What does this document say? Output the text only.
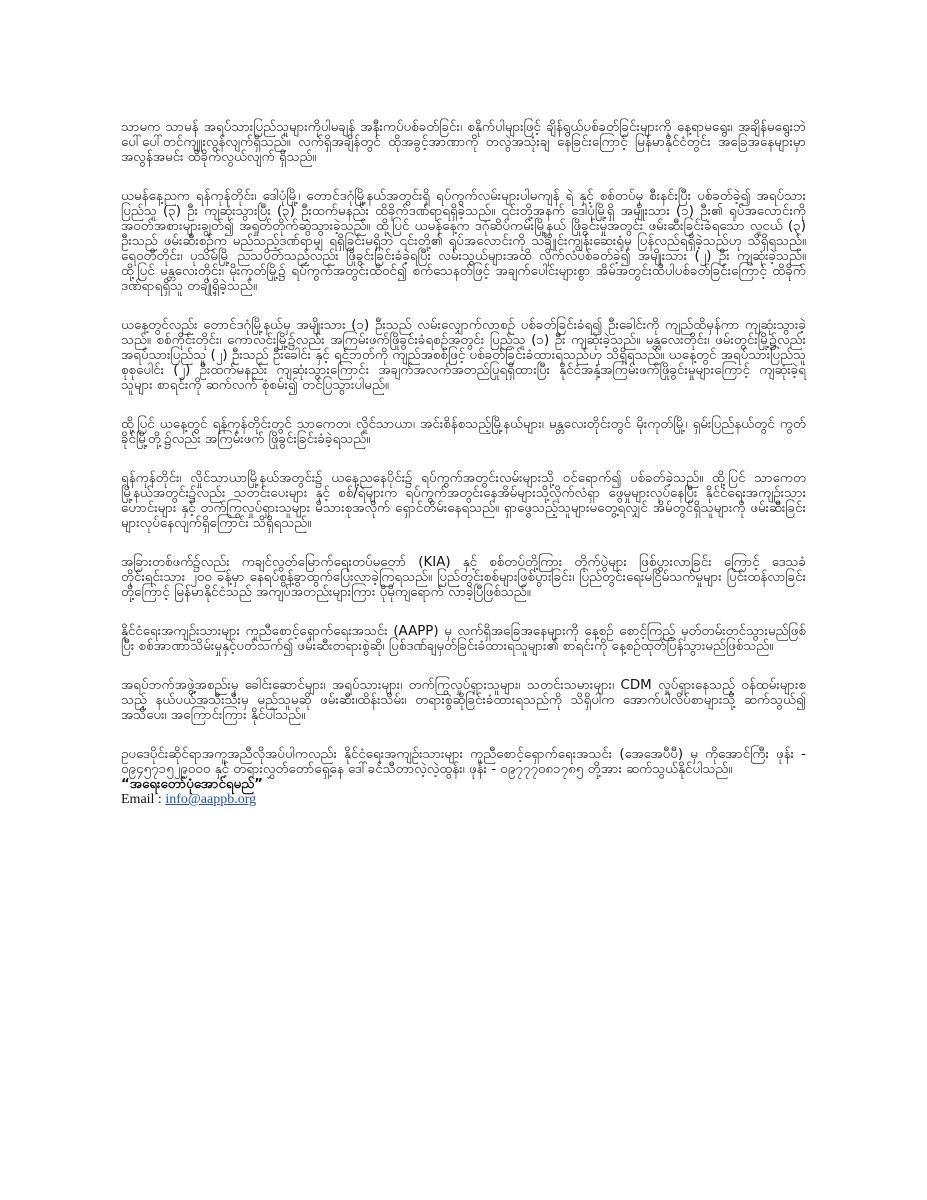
သာမက သာမန် အရပ်သားပြည်သူများကိုပါမချန် အနီးကပ်ပစ်ခတ်ခြင်း၊ စနိုက်ပါများဖြင့် ချိန်ရွယ်ပစ်ခတ်ခြင်းများကို နေ့ရာမရွေး၊ အချိန်မရွေးဘဲ ပေါ်ပေါ်တင်ကျူးလွန်လျက်ရှိသည်။ လက်ရှိအချိန်တွင် ထိုအခွင့်အာဏာကို တလွဲအသုံးချ နေခြင်းကြောင့် မြန်မာနိုင်ငံတွင်း အခြေအနေများမှာ အလွန်အမင်း ထိခိုက်လွယ်လျက် ရှိသည်။

ယမန်နေ့ညက ရန်ကုန်တိုင်း၊ ဒေါပုံမြို့၊ တောင်ဒဂုံမြို့နယ်အတွင်းရှိ ရပ်ကွက်လမ်းများပါမကျန် ရဲ နှင့် စစ်တပ်မှ စီးနင်းပြီး ပစ်ခတ်ခဲ့၍ အရပ်သားပြည်သူ (၃) ဦး ကျဆုံးသွားပြီး (၃) ဦးထက်မနည်း ထိခိုက်ဒဏ်ရာရရှိခဲ့သည်။ ၎င်းတို့အနက် ဒေါပုံမြို့ရှိ အမျိုးသား (၁) ဦး၏ ရုပ်အလောင်းကို အဝတ်အစားများချွတ်၍ အရှုတ်တိုက်ဆွဲသွားခဲ့သည်။ ထို့ပြင် ယမန်နေ့က ဒဂုံဆိပ်ကမ်းမြို့နယ် ဖြိုခွင်းမှုအတွင်း ဖမ်းဆီးခြင်းခံရသော လူငယ် (၃) ဦးသည် ဖမ်းဆီးစဉ်က မည်သည့်ဒဏ်ရာမျှ ရရှိခြင်းမရှိဘဲ ၎င်းတို့၏ ရုပ်အလောင်းကို သင်္ချိုင်းကျွန်းဆေးရုံမှ ပြန်လည်ရရှိခဲ့သည်ဟု သိရှိရသည်။ ရေဝတီတိုင်း၊ ပုသိမ်မြို့ ညသပိတ်သည့်လည်း ဖြိုခွင်းခြင်းခံခဲ့ရပြီး လမ်းသွယ်များအထိ လိုက်လံပစ်ခတ်ခဲ့၍ အမျိုးသား (၂) ဦး ကျဆုံးခဲ့သည်။ ထို့ပြင် မန္တလေးတိုင်း၊ မိုးကုတ်မြို့၌ ရပ်ကွက်အတွင်းထိဝင်၍ စက်သေနတ်ဖြင့် အချက်ပေါင်းများစွာ အိမ်အတွင်းထိပါပစ်ခတ်ခြင်းကြောင့် ထိခိုက်ဒဏ်ရာရရှိသူ တချို့ရှိခဲ့သည်။

ယနေ့တွင်လည်း တောင်ဒဂုံမြို့နယ်မှ အမျိုးသား (၁) ဦးသည် လမ်းလျှောက်လာစဉ် ပစ်ခတ်ခြင်းခံရ၍ ဦးခေါင်းကို ကျည်ထိမှန်ကာ ကျဆုံးသွားခဲ့သည်။ စစ်ကိုင်းတိုင်း၊ ကောလင်းမြို့၌လည်း အကြမ်းဖက်ဖြိုခွင်းခံရစဉ်အတွင်း ပြည်သူ (၁) ဦး ကျဆုံးခဲ့သည်။ မန္တလေးတိုင်း၊ ဖမ်းတွင်းမြို့၌လည်း အရပ်သားပြည်သူ (၂) ဦးသည် ဦးခေါင်း နှင့် ရင်ဘတ်ကို ကျည်အစစ်ဖြင့် ပစ်ခတ်ခြင်းခံထားရသည်ဟု သိရှိရသည်။ ယနေ့တွင် အရပ်သားပြည်သူ စုစုပေါင်း (၂) ဦးထက်မနည်း ကျဆုံးသွားကြောင်း အချက်အလက်အတည်ပြုရရှိထားပြီး နိုင်ငံအနှံ့အကြမ်းဖက်ဖြိုခွင်းမှုများကြောင့် ကျဆုံးခဲ့ရသူများ စာရင်းကို ဆက်လက် စုံစမ်း၍ တင်ပြသွားပါမည်။

ထို့ပြင် ယနေ့တွင် ရန်ကုန်တိုင်းတွင် သာကေတ၊ လှိုင်သာယာ၊ အင်းစိန်စသည့်မြို့နယ်များ၊ မန္တလေးတိုင်းတွင် မိုးကုတ်မြို့၊ ရှမ်းပြည်နယ်တွင် ကွတ်ခိုင်မြို့တို့၌လည်း အကြမ်းဖက် ဖြိုခွင်းခြင်းခံခဲ့ရသည်။

ရန်ကုန်တိုင်း၊ လှိုင်သာယာမြို့နယ်အတွင်း၌ ယနေ့ညနေပိုင်း၌ ရပ်ကွက်အတွင်းလမ်းများသို့ ဝင်ရောက်၍ ပစ်ခတ်ခဲ့သည်။ ထို့ပြင် သာကေတမြို့နယ်အတွင်း၌လည်း သတင်းပေးများ နှင့် စစ်/ရဲများက ရပ်ကွက်အတွင်းနေအိမ်များသို့လိုက်လံရှာ ဖွေမှုများလုပ်နေပြီး နိုင်ငံရေးအကျဉ်းသားဟောင်းများ နှင့် တက်ကြွလှုပ်ရှားသူများ မိသားစုအလိုက် ရှောင်တိမ်းနေရသည်။ ရှာဖွေသည့်သူများမတွေ့ရလျှင် အိမ်တွင်ရှိသူများကို ဖမ်းဆီးခြင်းများလုပ်နေလျက်ရှိကြောင်း သိရှိရသည်။

အခြားတစ်ဖက်၌လည်း ကချင်လွတ်မြောက်ရေးတပ်မတော် (KIA) နှင့် စစ်တပ်တို့ကြား တိုက်ပွဲများ ဖြစ်ပွားလာခြင်း ကြောင့် ဒေသခံတိုင်းရင်းသား ၂၀၀ ခန့်မှာ နေရပ်စွန့်ခွာထွက်ပြေးလာခဲ့ကြရသည်။ ပြည်တွင်းစစ်များဖြစ်ပွားခြင်း၊ ပြည်တွင်းရေးမငြိမ်သက်မှုများ ပြင်းထန်လာခြင်းတို့ကြောင့် မြန်မာနိုင်ငံသည် အကျပ်အတည်းများကြား ပိုမိုကျရောက် လာခဲ့ပြီဖြစ်သည်။

နိုင်ငံရေးအကျဉ်းသားများ ကူညီစောင့်ရှောက်ရေးအသင်း (AAPP) မှ လက်ရှိအခြေအနေများကို နေ့စဉ် စောင့်ကြည့် မှတ်တမ်းတင်သွားမည်ဖြစ်ပြီး စစ်အာဏာသိမ်းမှုနှင့်ပတ်သက်၍ ဖမ်းဆီးတရားစွဲဆို၊ ပြစ်ဒဏ်ချမှတ်ခြင်းခံထားရသူများ၏ စာရင်းကို နေ့စဉ်ထုတ်ပြန်သွားမည်ဖြစ်သည်။

အရပ်ဘက်အဖွဲ့အစည်းမှ ခေါင်းဆောင်များ၊ အရပ်သားများ၊ တက်ကြွလှုပ်ရှားသူများ၊ သတင်းသမားများ၊ CDM လှုပ်ရှားနေသည့် ဝန်ထမ်းများစသည့် နယ်ပယ်အသီးသီးမှ မည်သူမဆို ဖမ်းဆီး၊ထိန်းသိမ်း၊ တရားစွဲဆိုခြင်းခံထားရသည်ကို သိရှိပါက အောက်ပါလိပ်စာများသို့ ဆက်သွယ်၍ အသိပေး၊ အကြောင်းကြား နိုင်ပါသည်။

ဥပဒေပိုင်းဆိုင်ရာအကူအညီလိုအပ်ပါကလည်း နိုင်ငံရေးအကျဉ်းသားများ ကူညီစောင့်ရှောက်ရေးအသင်း (အေအေပီပီ) မှ ကိုအောင်ကြီး ဖုန်း - ၀၉၄၅၇၁၅၂၉၀၀၀ နှင့် တရားလွှတ်တော်ရှေ့နေ ဒေါ်ခင်သီတာလဲ့လဲ့ထွန်း၊ ဖုန်း - ၀၉၇၇၇၀၈၁၇၈၅ တို့အား ဆက်သွယ်နိုင်ပါသည်။

“အရေးတော်ပုံအောင်ရမည်”

Email : info@aappb.org
